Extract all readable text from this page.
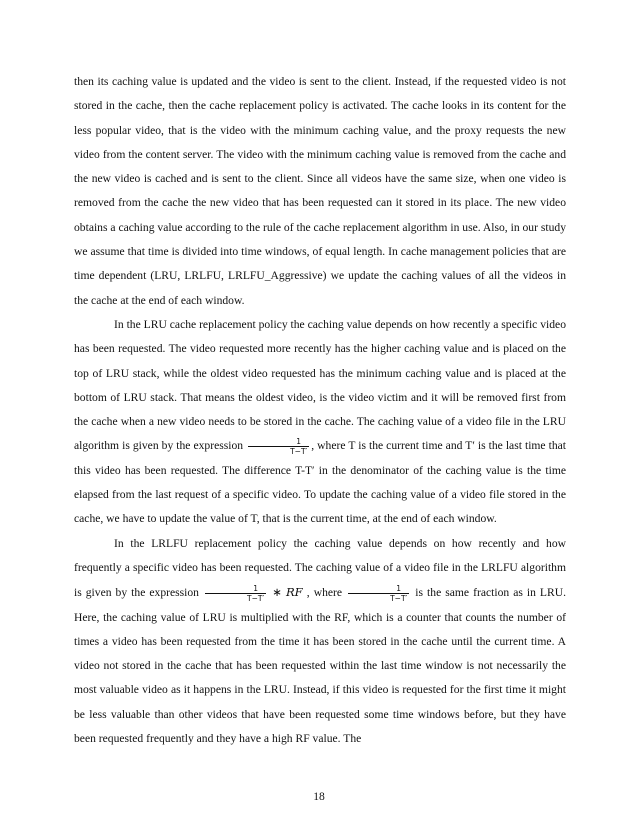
then its caching value is updated and the video is sent to the client. Instead, if the requested video is not stored in the cache, then the cache replacement policy is activated. The cache looks in its content for the less popular video, that is the video with the minimum caching value, and the proxy requests the new video from the content server. The video with the minimum caching value is removed from the cache and the new video is cached and is sent to the client. Since all videos have the same size, when one video is removed from the cache the new video that has been requested can it stored in its place. The new video obtains a caching value according to the rule of the cache replacement algorithm in use. Also, in our study we assume that time is divided into time windows, of equal length. In cache management policies that are time dependent (LRU, LRLFU, LRLFU_Aggressive) we update the caching values of all the videos in the cache at the end of each window.

In the LRU cache replacement policy the caching value depends on how recently a specific video has been requested. The video requested more recently has the higher caching value and is placed on the top of LRU stack, while the oldest video requested has the minimum caching value and is placed at the bottom of LRU stack. That means the oldest video, is the video victim and it will be removed first from the cache when a new video needs to be stored in the cache. The caching value of a video file in the LRU algorithm is given by the expression $\frac{1}{T-T'}$ , where T is the current time and T′ is the last time that this video has been requested. The difference T-T′ in the denominator of the caching value is the time elapsed from the last request of a specific video. To update the caching value of a video file stored in the cache, we have to update the value of T, that is the current time, at the end of each window.

In the LRLFU replacement policy the caching value depends on how recently and how frequently a specific video has been requested. The caching value of a video file in the LRLFU algorithm is given by the expression $\frac{1}{T-T'}$ ∗ RF , where $\frac{1}{T-T'}$ is the same fraction as in LRU. Here, the caching value of LRU is multiplied with the RF, which is a counter that counts the number of times a video has been requested from the time it has been stored in the cache until the current time. A video not stored in the cache that has been requested within the last time window is not necessarily the most valuable video as it happens in the LRU. Instead, if this video is requested for the first time it might be less valuable than other videos that have been requested some time windows before, but they have been requested frequently and they have a high RF value. The

18
